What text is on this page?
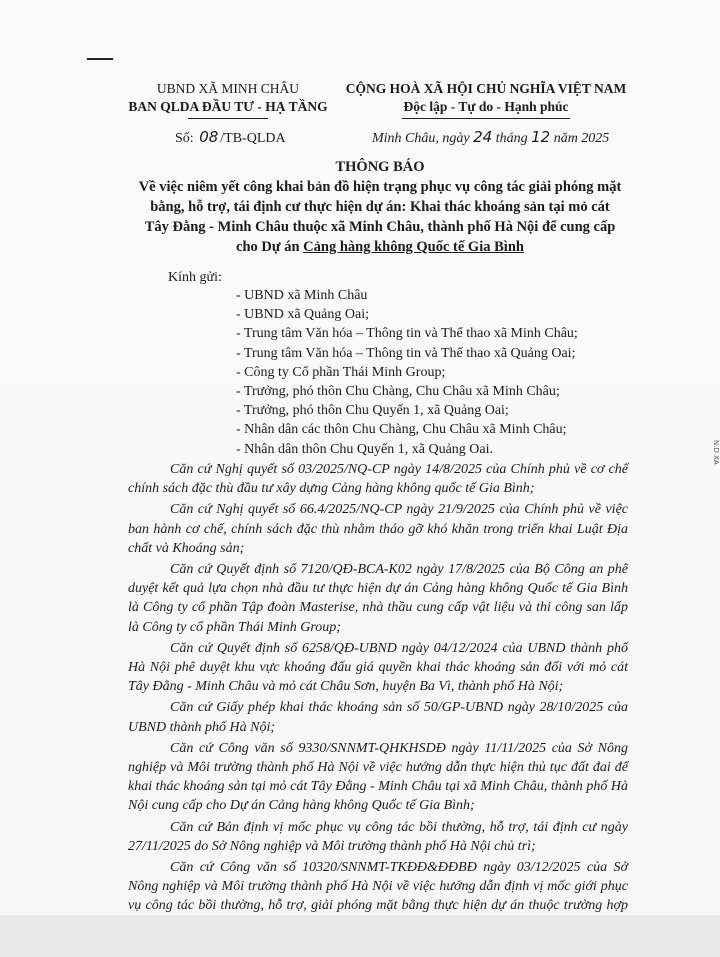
UBND XÃ MINH CHÂU
BAN QLDA ĐẦU TƯ - HẠ TẦNG
CỘNG HOÀ XÃ HỘI CHỦ NGHĨA VIỆT NAM
Độc lập - Tự do - Hạnh phúc
Số: 08 /TB-QLDA	Minh Châu, ngày 24 tháng 12 năm 2025
THÔNG BÁO
Về việc niêm yết công khai bản đồ hiện trạng phục vụ công tác giải phóng mặt
bằng, hỗ trợ, tái định cư thực hiện dự án: Khai thác khoáng sản tại mỏ cát
Tây Đằng - Minh Châu thuộc xã Minh Châu, thành phố Hà Nội để cung cấp
cho Dự án Cảng hàng không Quốc tế Gia Bình
Kính gửi:
- UBND xã Minh Châu
- UBND xã Quảng Oai;
- Trung tâm Văn hóa – Thông tin và Thể thao xã Minh Châu;
- Trung tâm Văn hóa – Thông tin và Thể thao xã Quảng Oai;
- Công ty Cổ phần Thái Minh Group;
- Trưởng, phó thôn Chu Chàng, Chu Châu xã Minh Châu;
- Trưởng, phó thôn Chu Quyến 1, xã Quảng Oai;
- Nhân dân các thôn Chu Chàng, Chu Châu xã Minh Châu;
- Nhân dân thôn Chu Quyến 1, xã Quảng Oai.

Căn cứ Nghị quyết số 03/2025/NQ-CP ngày 14/8/2025 của Chính phủ về cơ chế chính sách đặc thù đầu tư xây dựng Cảng hàng không quốc tế Gia Bình;

Căn cứ Nghị quyết số 66.4/2025/NQ-CP ngày 21/9/2025 của Chính phủ về việc ban hành cơ chế, chính sách đặc thù nhằm tháo gỡ khó khăn trong triển khai Luật Địa chất và Khoáng sản;

Căn cứ Quyết định số 7120/QĐ-BCA-K02 ngày 17/8/2025 của Bộ Công an phê duyệt kết quả lựa chọn nhà đầu tư thực hiện dự án Cảng hàng không Quốc tế Gia Bình là Công ty cổ phần Tập đoàn Masterise, nhà thầu cung cấp vật liệu và thi công san lấp là Công ty cổ phần Thái Minh Group;

Căn cứ Quyết định số 6258/QĐ-UBND ngày 04/12/2024 của UBND thành phố Hà Nội phê duyệt khu vực khoáng đấu giá quyền khai thác khoáng sản đối với mỏ cát Tây Đằng - Minh Châu và mỏ cát Châu Sơn, huyện Ba Vì, thành phố Hà Nội;

Căn cứ Giấy phép khai thác khoáng sản số 50/GP-UBND ngày 28/10/2025 của UBND thành phố Hà Nội;

Căn cứ Công văn số 9330/SNNMT-QHKHSDĐ ngày 11/11/2025 của Sở Nông nghiệp và Môi trường thành phố Hà Nội về việc hướng dẫn thực hiện thủ tục đất đai để khai thác khoáng sản tại mỏ cát Tây Đằng - Minh Châu tại xã Minh Châu, thành phố Hà Nội cung cấp cho Dự án Cảng hàng không Quốc tế Gia Bình;

Căn cứ Bản định vị mốc phục vụ công tác bồi thường, hỗ trợ, tái định cư ngày 27/11/2025 do Sở Nông nghiệp và Môi trường thành phố Hà Nội chủ trì;

Căn cứ Công văn số 10320/SNNMT-TKĐĐ&ĐĐBĐ ngày 03/12/2025 của Sở Nông nghiệp và Môi trường thành phố Hà Nội về việc hướng dẫn định vị mốc giới phục vụ công tác bồi thường, hỗ trợ, giải phóng mặt bằng thực hiện dự án thuộc trường hợp

N.D XÃ
